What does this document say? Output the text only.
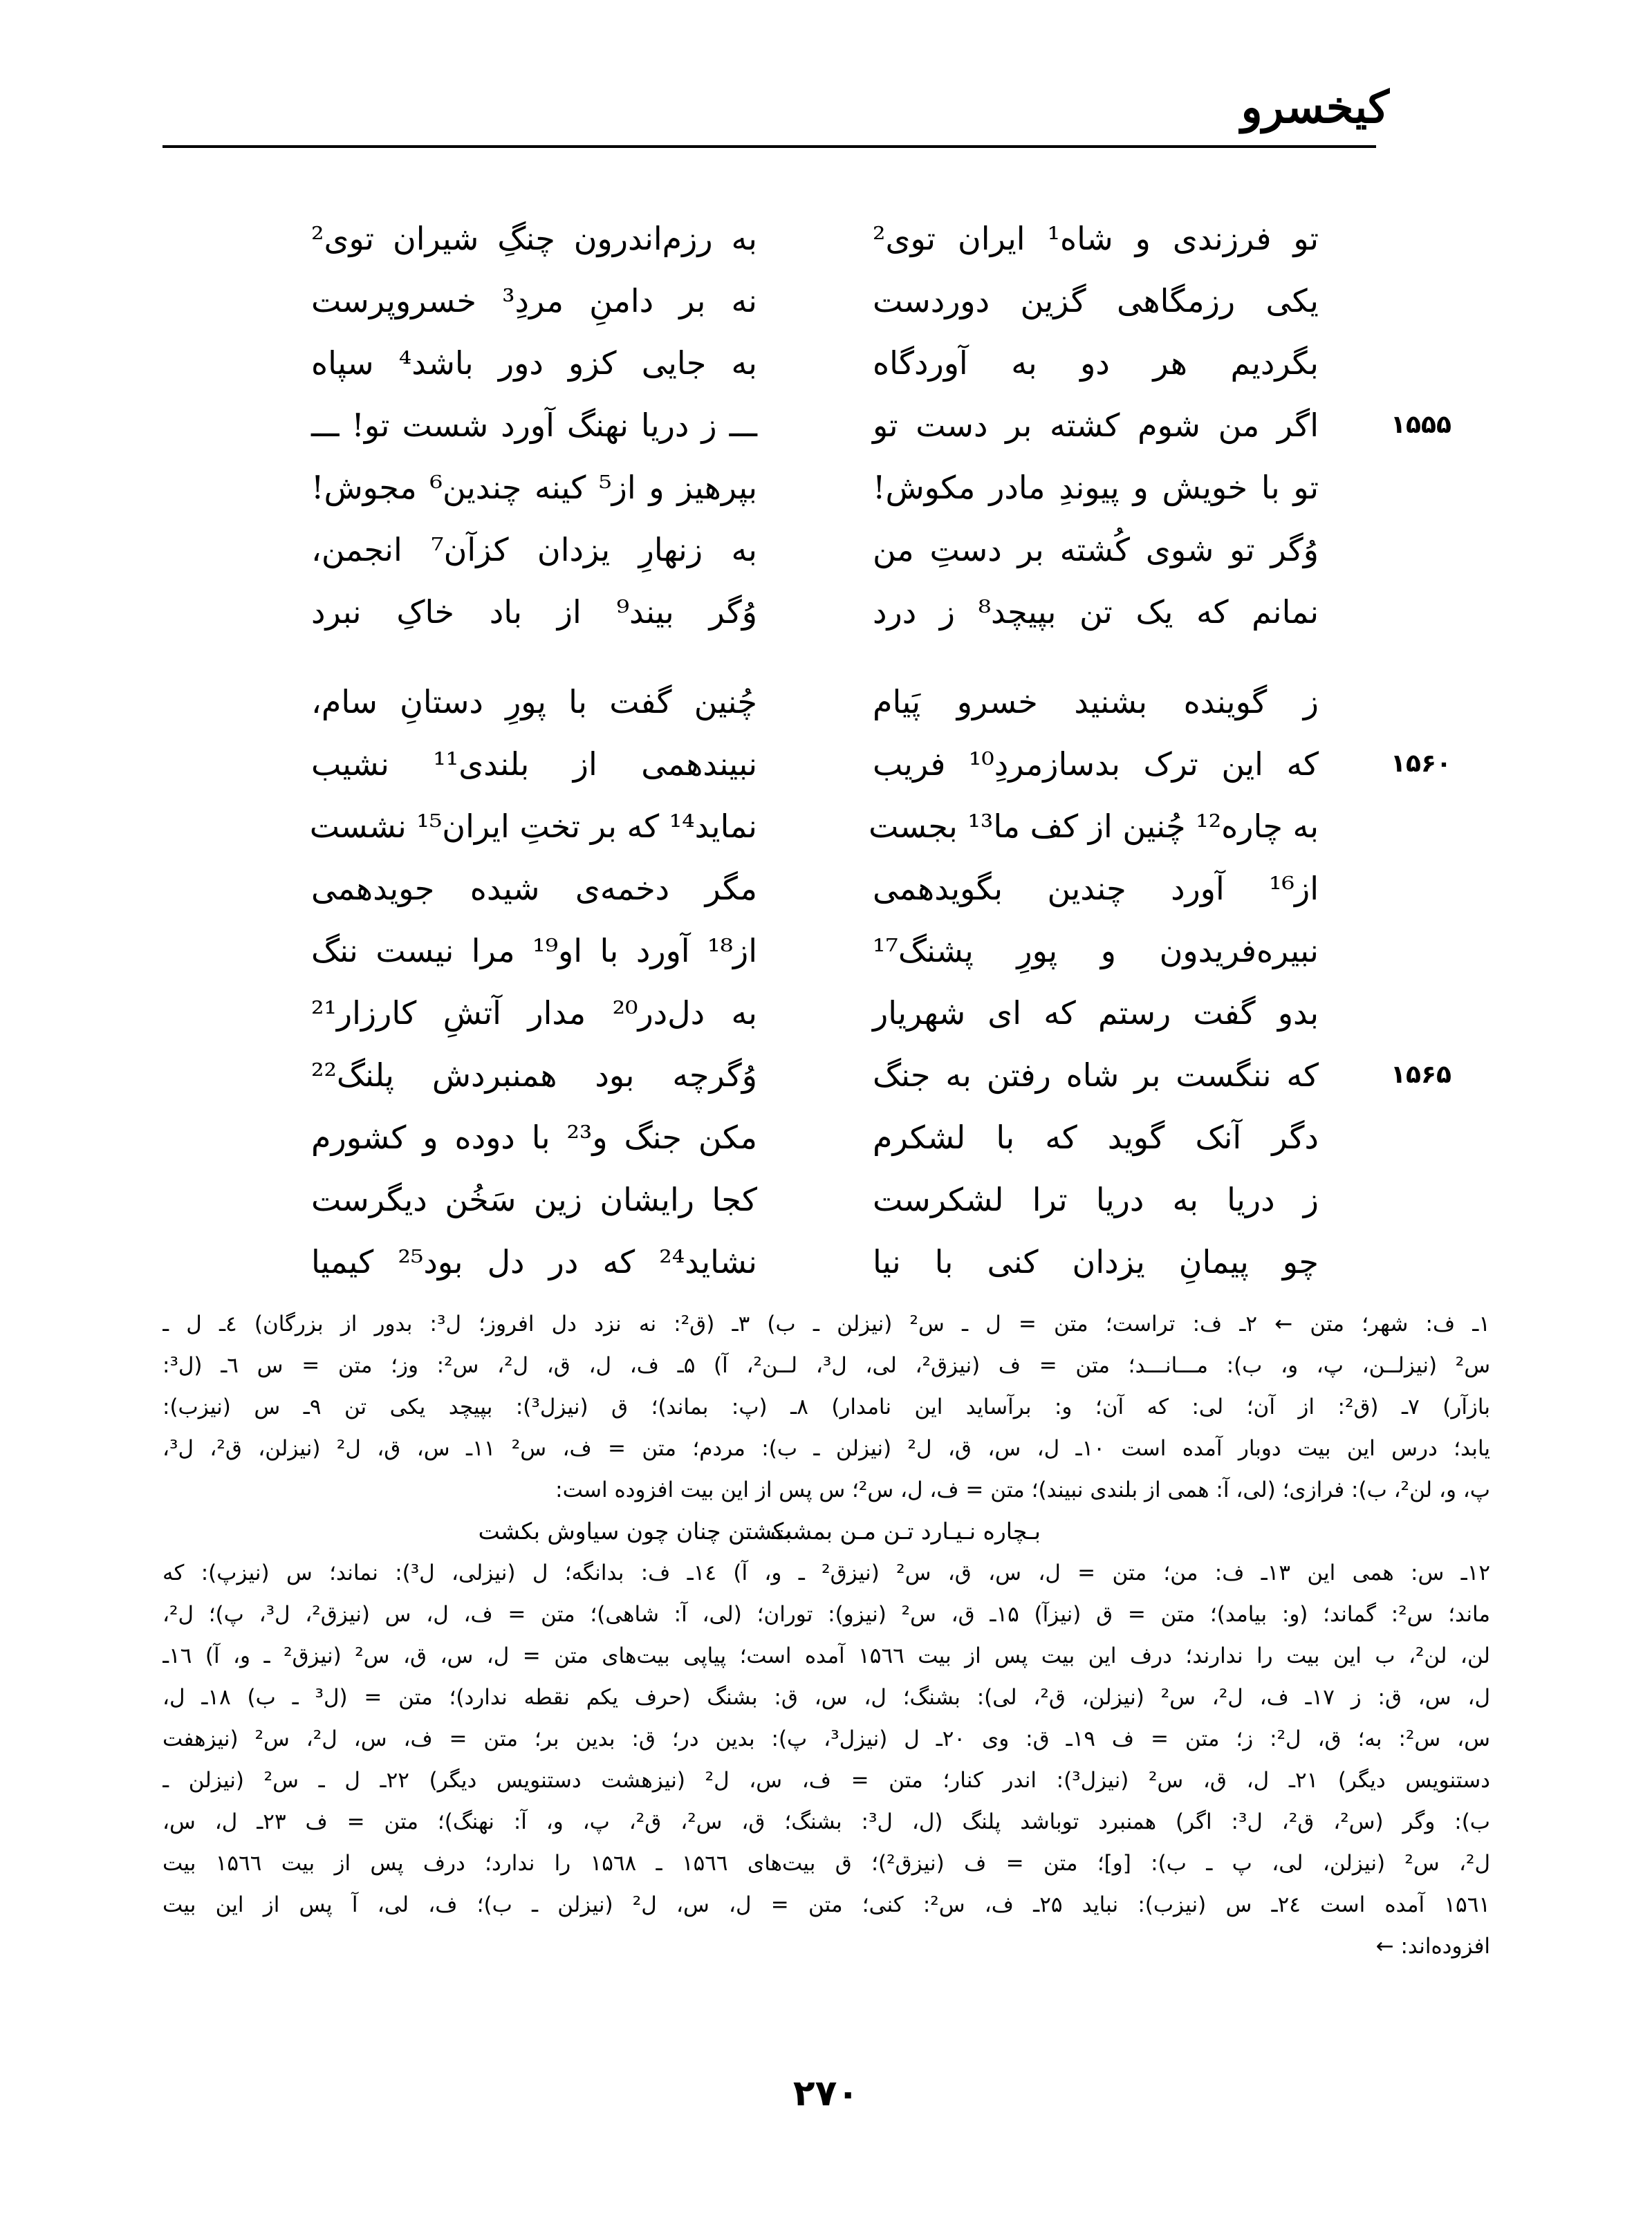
کیخسرو
تو فرزندی و شاه¹ ایران توی²
به رزم‌اندرون چنگِ شیران توی²
یکی رزمگاهی گزین دوردست
نه بر دامنِ مردِ³ خسروپرست
بگردیم هر دو به آوردگاه
به جایی کزو دور باشد⁴ سپاه
۱۵۵۵
اگر من شوم کشته بر دست تو
ـــ ز دریا نهنگ آورد شست تو! ـــ
تو با خویش و پیوندِ مادر مکوش!
بپرهیز و از⁵ کینه چندین⁶ مجوش!
وُگر تو شوی کُشته بر دستِ من
به زنهارِ یزدان کزآن⁷ انجمن،
نمانم که یک تن بپیچد⁸ ز درد
وُگر بیند⁹ از باد خاکِ نبرد
ز گوینده بشنید خسرو پَیام
چُنین گفت با پورِ دستانِ سام،
۱۵۶۰
که این ترک بدسازمردِ¹⁰ فریب
نبیندهمی از بلندی¹¹ نشیب
به چاره¹² چُنین از کف ما¹³ بجست
نماید¹⁴ که بر تختِ ایران¹⁵ نشست
از¹⁶ آورد چندین بگویدهمی
مگر دخمه‌ی شیده جویدهمی
نبیره‌فریدون و پورِ پشنگ¹⁷
از¹⁸ آورد با او¹⁹ مرا نیست ننگ
بدو گفت رستم که ای شهریار
به دل‌در²⁰ مدار آتشِ کارزار²¹
۱۵۶۵
که ننگست بر شاه رفتن به جنگ
وُگرچه بود همنبردش پلنگ²²
دگر آنک گوید که با لشکرم
مکن جنگ و²³ با دوده و کشورم
ز دریا به دریا ترا لشکرست
کجا رایشان زین سَخُن دیگرست
چو پیمانِ یزدان کنی با نیا
نشاید²⁴ که در دل بود²⁵ کیمیا
۱ـ ف: شهر؛ متن ← ۲ـ ف: تراست؛ متن = ل ـ س² (نیزلن ـ ب) ۳ـ (ق²: نه نزد دل افروز؛ ل³: بدور از بزرگان) ٤ـ ل ـ
س² (نیزلــن، پ، و، ب): مـــانـــد؛ متن = ف (نیزق²، لی، ل³، لــن²، آ) ۵ـ ف، ل، ق، ل²، س²: وز؛ متن = س ٦ـ (ل³:
بازآر) ۷ـ (ق²: از آن؛ لی: که آن؛ و: برآساید این نامدار) ۸ـ (پ: بماند)؛ ق (نیزل³): بپیچد یکی تن ۹ـ س (نیزب):
یابد؛ درس این بیت دوبار آمده است ۱۰ـ ل، س، ق، ل² (نیزلن ـ ب): مردم؛ متن = ف، س² ۱۱ـ س، ق، ل² (نیزلن، ق²، ل³،
پ، و، لن²، ب): فرازی؛ (لی، آ: همی از بلندی نبیند)؛ متن = ف، ل، س²؛ س پس از این بیت افزوده است:
بـچاره نـیـارد تـن مـن بمشت
بکشتن چنان چون سیاوش بکشت
۱۲ـ س: همی این ۱۳ـ ف: من؛ متن = ل، س، ق، س² (نیزق² ـ و، آ) ۱٤ـ ف: بدانگه؛ ل (نیزلی، ل³): نماند؛ س (نیزپ): که
ماند؛ س²: گماند؛ (و: بیامد)؛ متن = ق (نیزآ) ۱۵ـ ق، س² (نیزو): توران؛ (لی، آ: شاهی)؛ متن = ف، ل، س (نیزق²، ل³، پ)؛ ل²،
لن، لن²، ب این بیت را ندارند؛ درف این بیت پس از بیت ۱۵٦٦ آمده است؛ پیاپی بیت‌های متن = ل، س، ق، س² (نیزق² ـ و، آ) ۱٦ـ
ل، س، ق: ز ۱۷ـ ف، ل²، س² (نیزلن، ق²، لی): بشنگ؛ ل، س، ق: بشنگ (حرف یکم نقطه ندارد)؛ متن = (ل³ ـ ب) ۱۸ـ ل،
س، س²: به؛ ق، ل²: ز؛ متن = ف ۱۹ـ ق: وی ۲۰ـ ل (نیزل³، پ): بدین در؛ ق: بدین بر؛ متن = ف، س، ل²، س² (نیزهفت
دستنویس دیگر) ۲۱ـ ل، ق، س² (نیزل³): اندر کنار؛ متن = ف، س، ل² (نیزهشت دستنویس دیگر) ۲۲ـ ل ـ س² (نیزلن ـ
ب): وگر (س²، ق²، ل³: اگر) همنبرد توباشد پلنگ (ل، ل³: بشنگ؛ ق، س²، ق²، پ، و، آ: نهنگ)؛ متن = ف ۲۳ـ ل، س،
ل²، س² (نیزلن، لی، پ ـ ب): [و]؛ متن = ف (نیزق²)؛ ق بیت‌های ۱۵٦٦ ـ ۱۵٦۸ را ندارد؛ درف پس از بیت ۱۵٦٦ بیت
۱۵٦۱ آمده است ۲٤ـ س (نیزب): نباید ۲۵ـ ف، س²: کنی؛ متن = ل، س، ل² (نیزلن ـ ب)؛ ف، لی، آ پس از این بیت
افزوده‌اند: ←
۲۷۰
